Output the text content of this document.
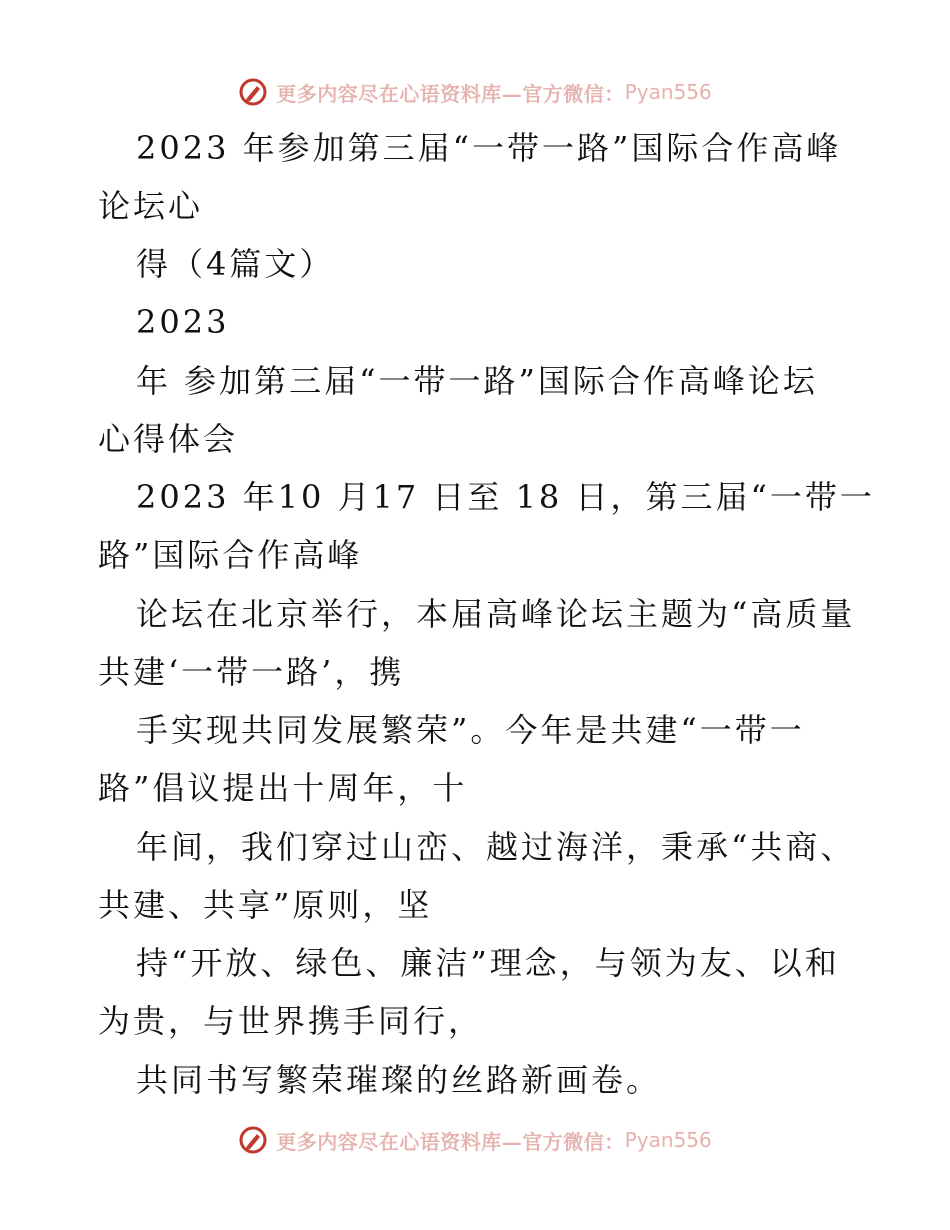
更多内容尽在心语资料库—官方微信： Pyan556
2023 年参加第三届“一带一路”国际合作高峰
论坛心
得（4篇文）
2023
年 参加第三届“一带一路”国际合作高峰论坛
心得体会
2023 年10 月17 日至 18 日，第三届“一带一
路”国际合作高峰
论坛在北京举行，本届高峰论坛主题为“高质量
共建‘一带一路’，携
手实现共同发展繁荣”。今年是共建“一带一
路”倡议提出十周年，十
年间，我们穿过山峦、越过海洋，秉承“共商、
共建、共享”原则，坚
持“开放、绿色、廉洁”理念，与领为友、以和
为贵，与世界携手同行，
共同书写繁荣璀璨的丝路新画卷。
更多内容尽在心语资料库—官方微信： Pyan556
